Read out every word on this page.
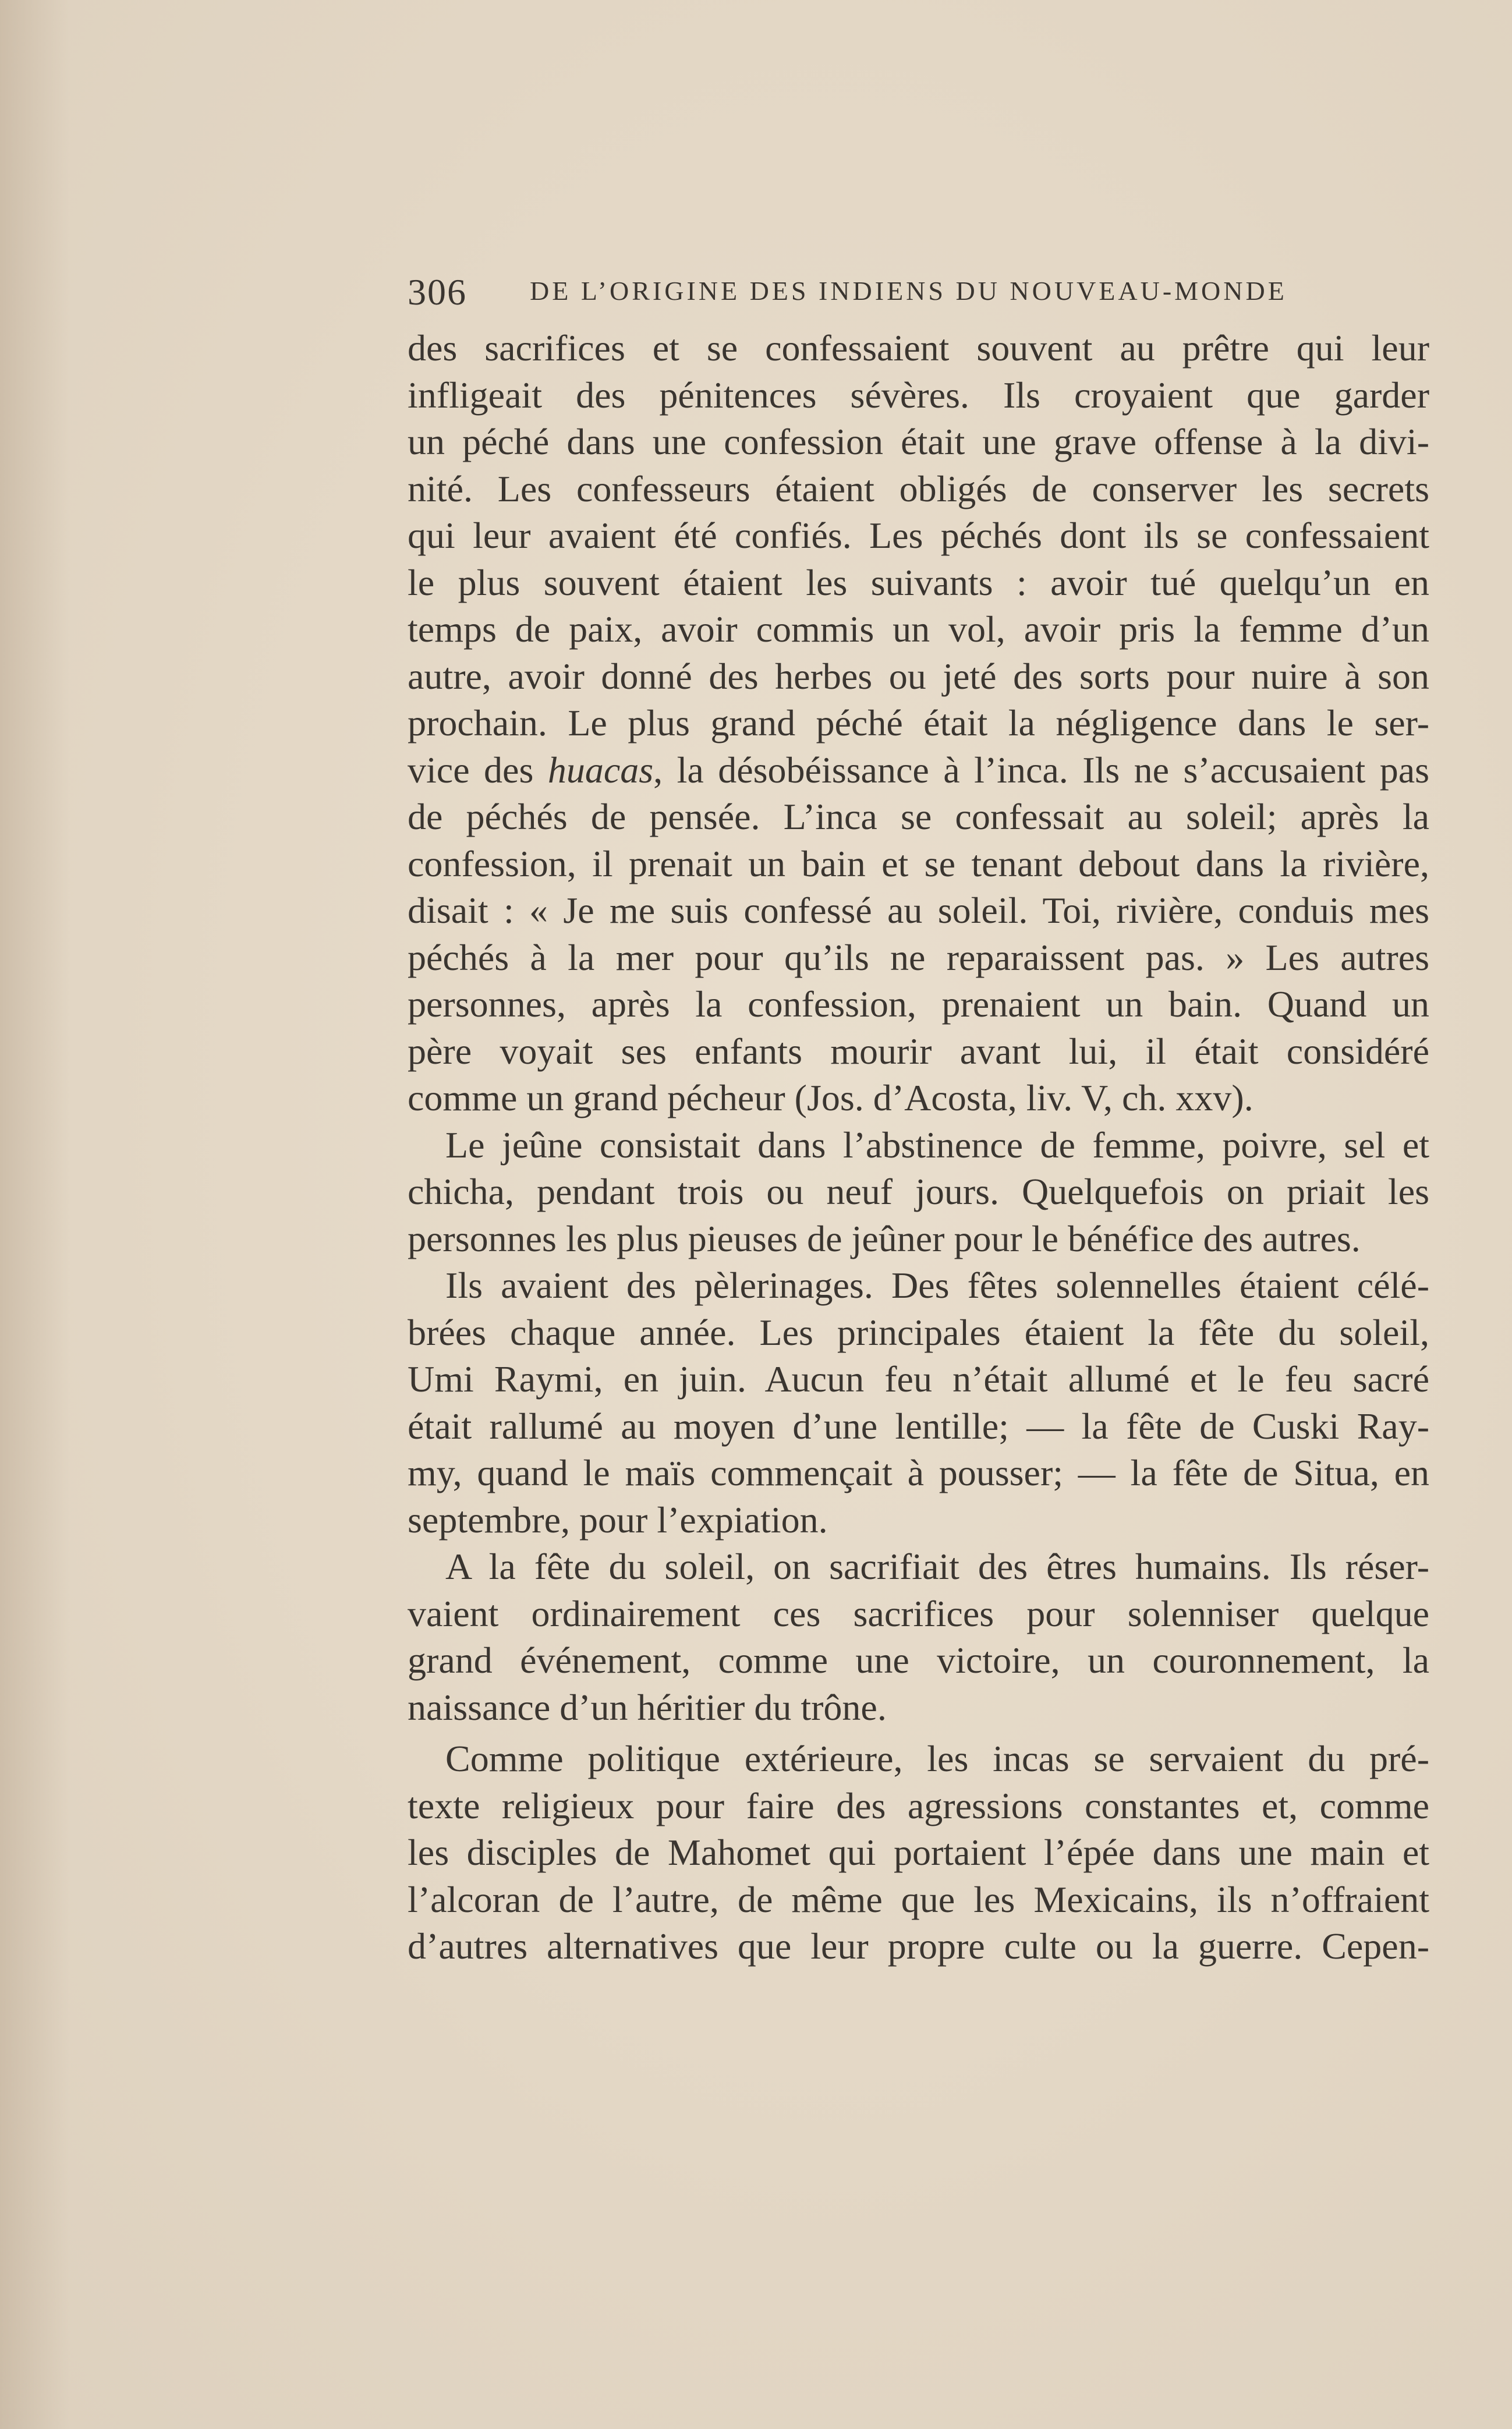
306 DE L’ORIGINE DES INDIENS DU NOUVEAU-MONDE
des sacrifices et se confessaient souvent au prêtre qui leur
infligeait des pénitences sévères. Ils croyaient que garder
un péché dans une confession était une grave offense à la divi-
nité. Les confesseurs étaient obligés de conserver les secrets
qui leur avaient été confiés. Les péchés dont ils se confessaient
le plus souvent étaient les suivants : avoir tué quelqu’un en
temps de paix, avoir commis un vol, avoir pris la femme d’un
autre, avoir donné des herbes ou jeté des sorts pour nuire à son
prochain. Le plus grand péché était la négligence dans le ser-
vice des huacas, la désobéissance à l’inca. Ils ne s’accusaient pas
de péchés de pensée. L’inca se confessait au soleil; après la
confession, il prenait un bain et se tenant debout dans la rivière,
disait : « Je me suis confessé au soleil. Toi, rivière, conduis mes
péchés à la mer pour qu’ils ne reparaissent pas. » Les autres
personnes, après la confession, prenaient un bain. Quand un
père voyait ses enfants mourir avant lui, il était considéré
comme un grand pécheur (Jos. d’Acosta, liv. V, ch. xxv).
Le jeûne consistait dans l’abstinence de femme, poivre, sel et
chicha, pendant trois ou neuf jours. Quelquefois on priait les
personnes les plus pieuses de jeûner pour le bénéfice des autres.
Ils avaient des pèlerinages. Des fêtes solennelles étaient célé-
brées chaque année. Les principales étaient la fête du soleil,
Umi Raymi, en juin. Aucun feu n’était allumé et le feu sacré
était rallumé au moyen d’une lentille; — la fête de Cuski Ray-
my, quand le maïs commençait à pousser; — la fête de Situa, en
septembre, pour l’expiation.
A la fête du soleil, on sacrifiait des êtres humains. Ils réser-
vaient ordinairement ces sacrifices pour solenniser quelque
grand événement, comme une victoire, un couronnement, la
naissance d’un héritier du trône.
Comme politique extérieure, les incas se servaient du pré-
texte religieux pour faire des agressions constantes et, comme
les disciples de Mahomet qui portaient l’épée dans une main et
l’alcoran de l’autre, de même que les Mexicains, ils n’offraient
d’autres alternatives que leur propre culte ou la guerre. Cepen-
